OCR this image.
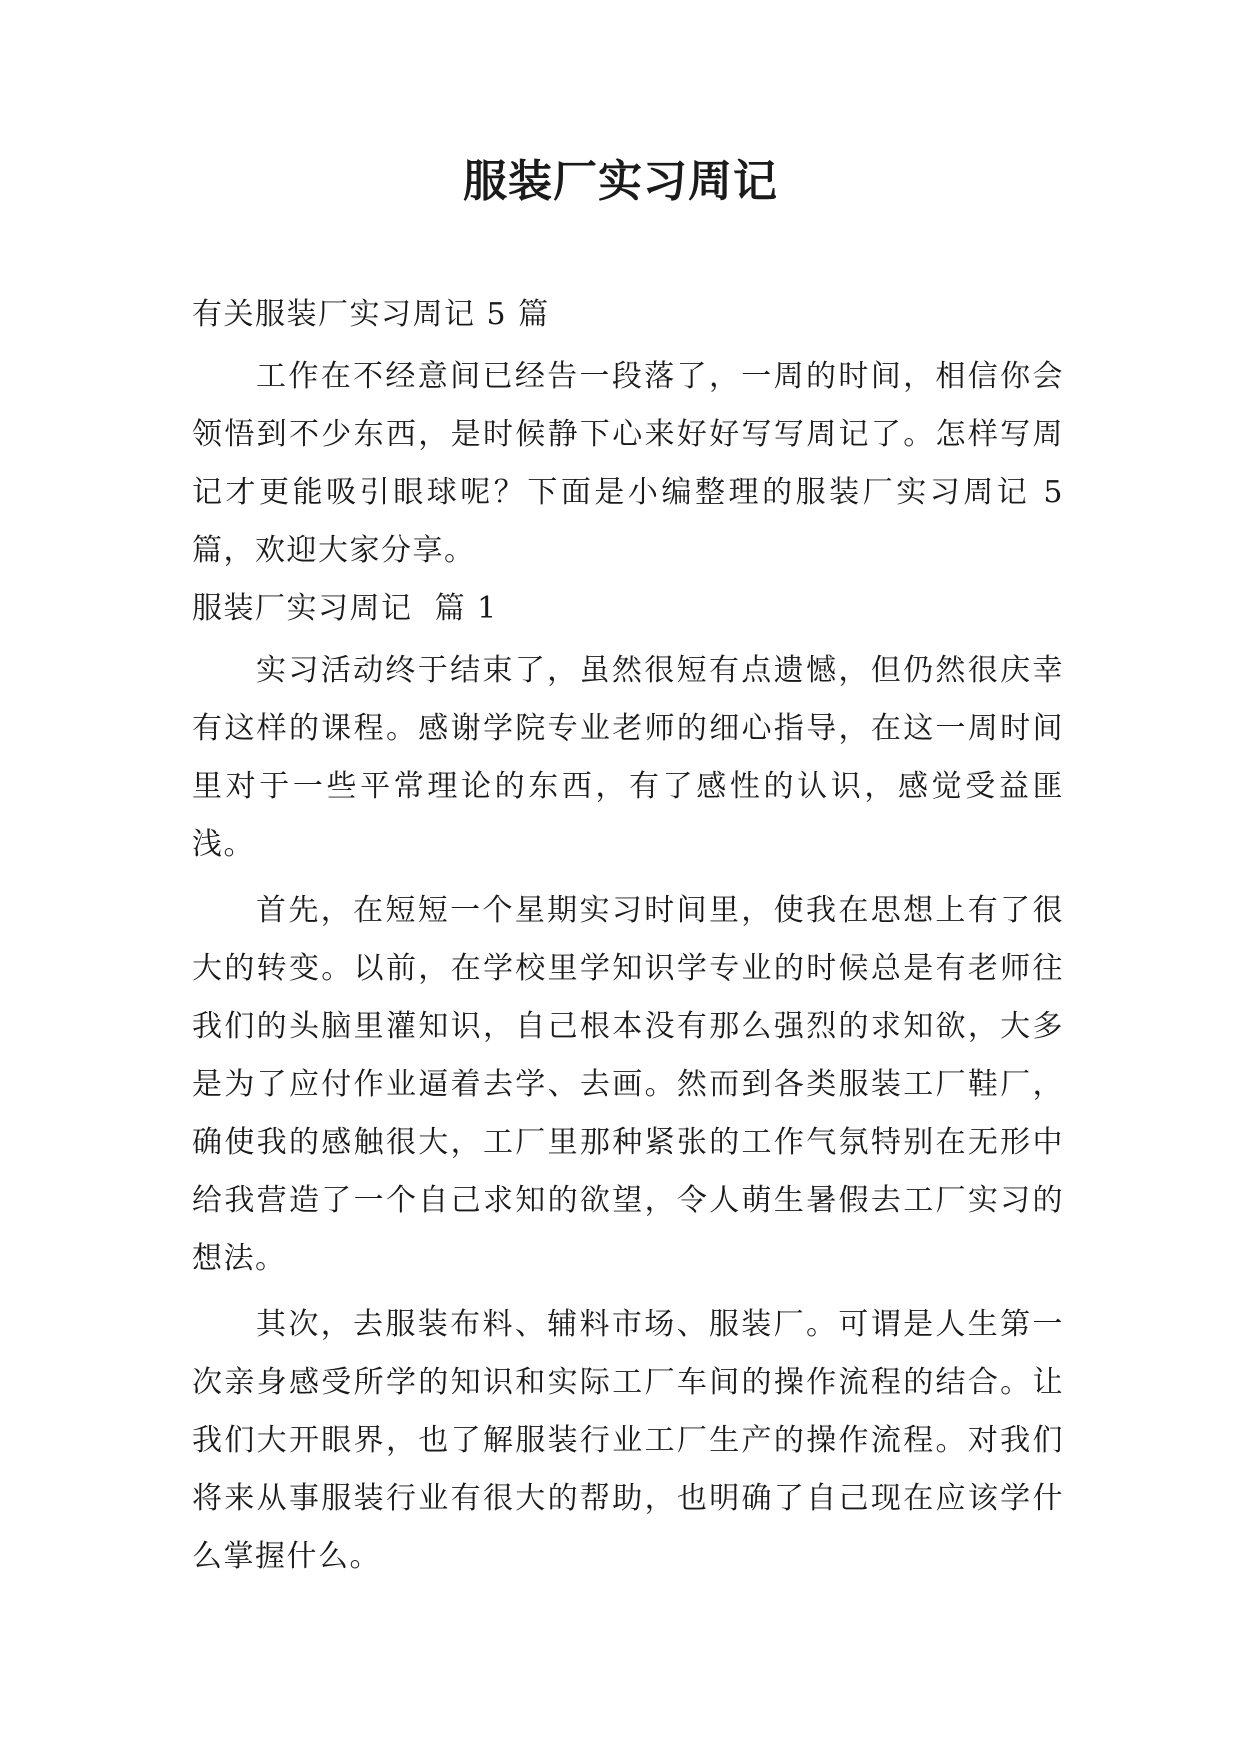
服装厂实习周记
有关服装厂实习周记 5 篇
工作在不经意间已经告一段落了，一周的时间，相信你会领悟到不少东西，是时候静下心来好好写写周记了。怎样写周记才更能吸引眼球呢？下面是小编整理的服装厂实习周记 5 篇，欢迎大家分享。
服装厂实习周记  篇 1
实习活动终于结束了，虽然很短有点遗憾，但仍然很庆幸有这样的课程。感谢学院专业老师的细心指导，在这一周时间里对于一些平常理论的东西，有了感性的认识，感觉受益匪浅。
首先，在短短一个星期实习时间里，使我在思想上有了很大的转变。以前，在学校里学知识学专业的时候总是有老师往我们的头脑里灌知识，自己根本没有那么强烈的求知欲，大多是为了应付作业逼着去学、去画。然而到各类服装工厂鞋厂，确使我的感触很大，工厂里那种紧张的工作气氛特别在无形中给我营造了一个自己求知的欲望，令人萌生暑假去工厂实习的想法。
其次，去服装布料、辅料市场、服装厂。可谓是人生第一次亲身感受所学的知识和实际工厂车间的操作流程的结合。让我们大开眼界，也了解服装行业工厂生产的操作流程。对我们将来从事服装行业有很大的帮助，也明确了自己现在应该学什么掌握什么。
